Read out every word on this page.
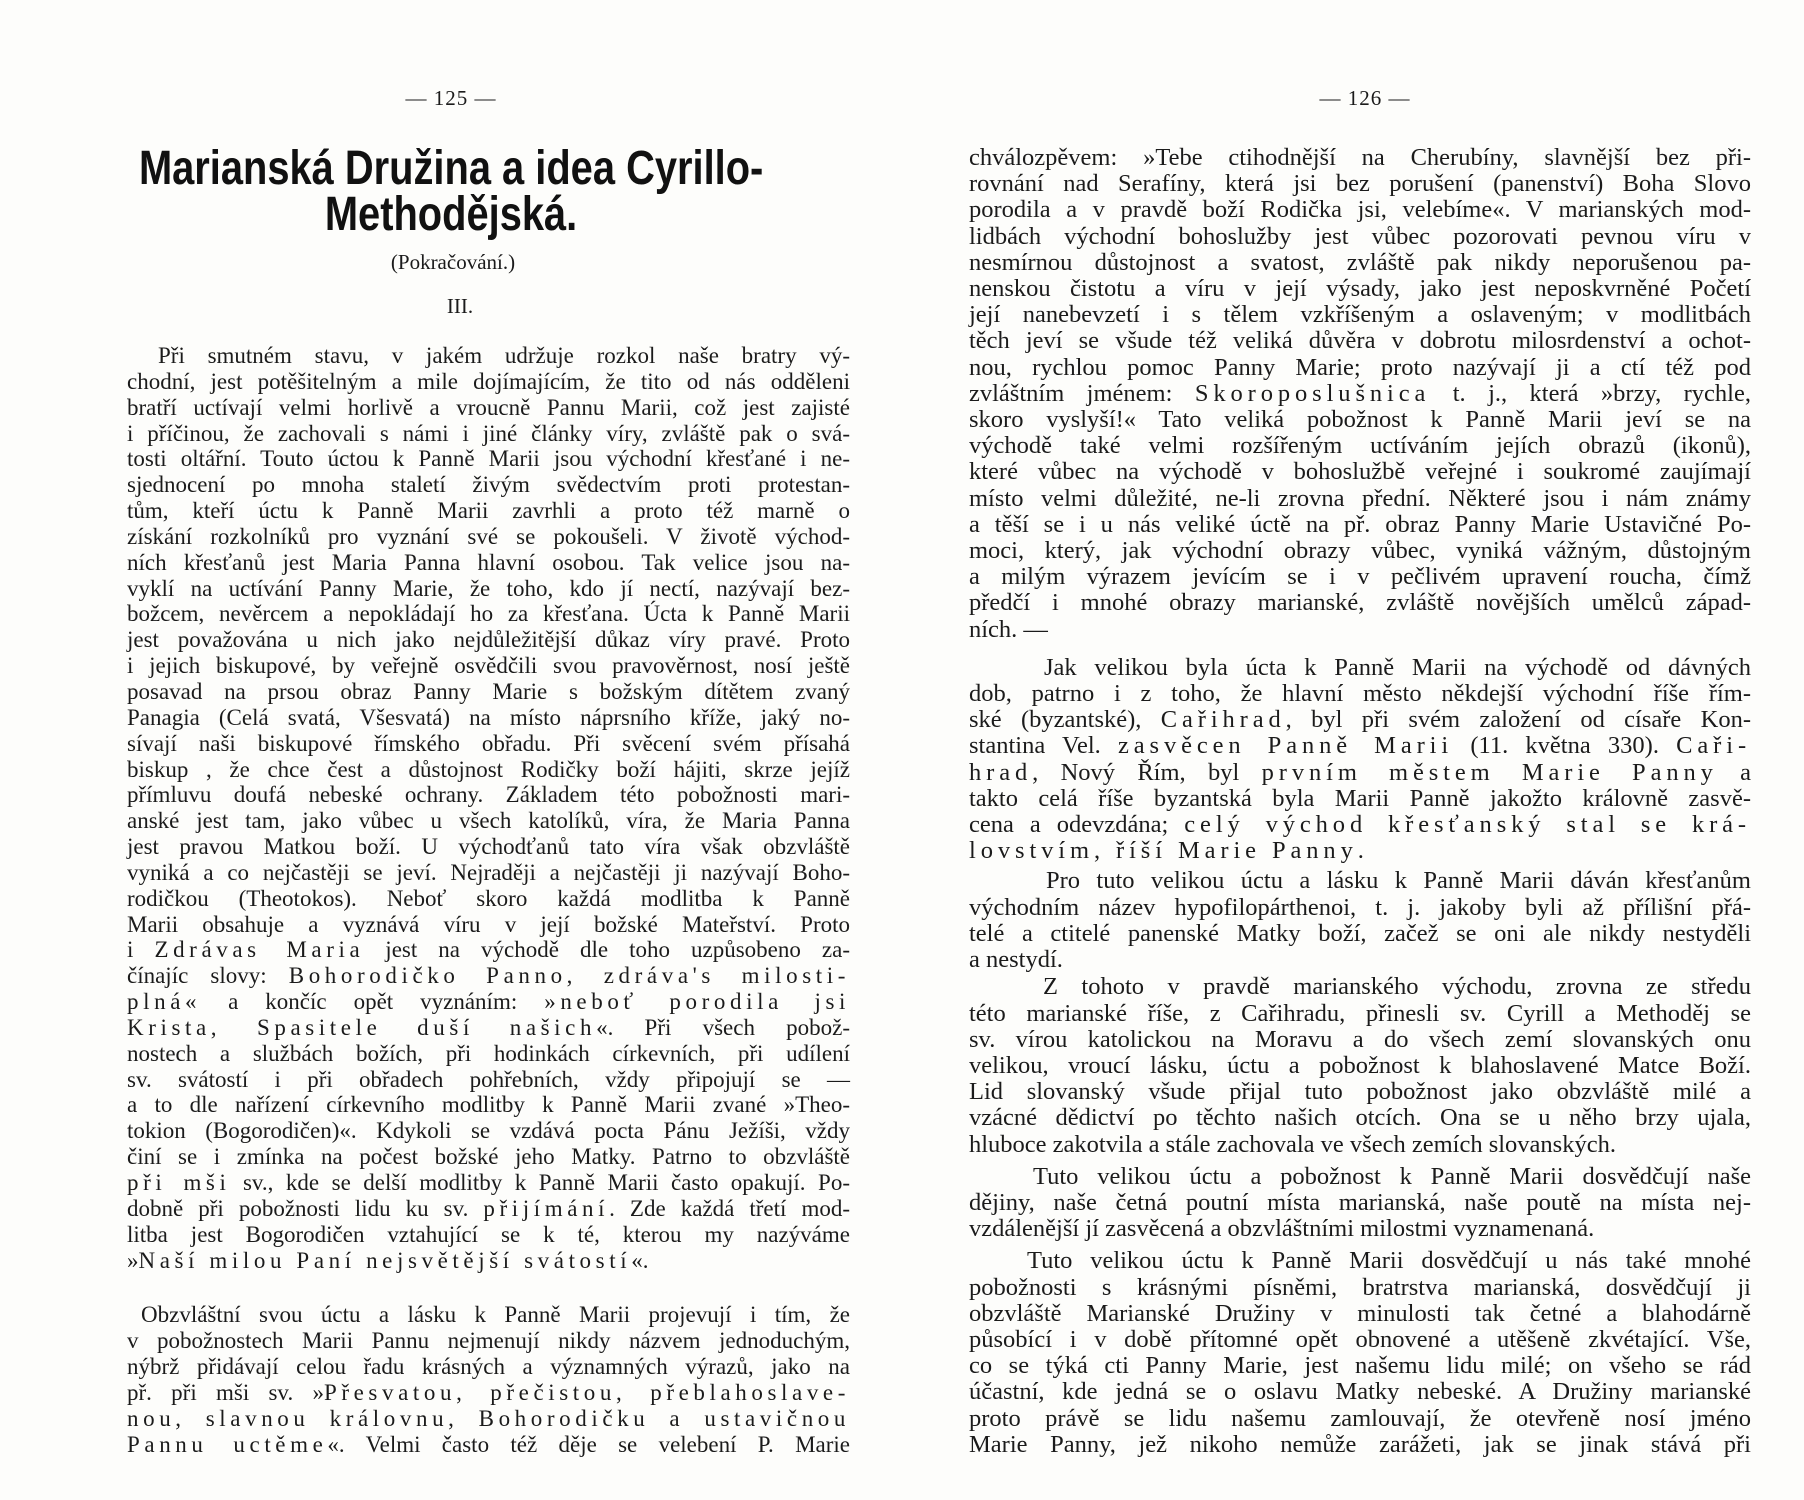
— 125 —
Marianská Družina a idea Cyrillo-
Methodějská.
(Pokračování.)
III.
Při smutném stavu, v jakém udržuje rozkol naše bratry vý-
chodní, jest potěšitelným a mile dojímajícím, že tito od nás odděleni
bratří uctívají velmi horlivě a vroucně Pannu Marii, což jest zajisté
i příčinou, že zachovali s námi i jiné články víry, zvláště pak o svá-
tosti oltářní. Touto úctou k Panně Marii jsou východní křesťané i ne-
sjednocení po mnoha staletí živým svědectvím proti protestan-
tům, kteří úctu k Panně Marii zavrhli a proto též marně o
získání rozkolníků pro vyznání své se pokoušeli. V životě východ-
ních křesťanů jest Maria Panna hlavní osobou. Tak velice jsou na-
vyklí na uctívání Panny Marie, že toho, kdo jí nectí, nazývají bez-
božcem, nevěrcem a nepokládají ho za křesťana. Úcta k Panně Marii
jest považována u nich jako nejdůležitější důkaz víry pravé. Proto
i jejich biskupové, by veřejně osvědčili svou pravověrnost, nosí ještě
posavad na prsou obraz Panny Marie s božským dítětem zvaný
Panagia (Celá svatá, Všesvatá) na místo náprsního kříže, jaký no-
sívají naši biskupové římského obřadu. Při svěcení svém přísahá
biskup , že chce čest a důstojnost Rodičky boží hájiti, skrze jejíž
přímluvu doufá nebeské ochrany. Základem této pobožnosti mari-
anské jest tam, jako vůbec u všech katolíků, víra, že Maria Panna
jest pravou Matkou boží. U východťanů tato víra však obzvláště
vyniká a co nejčastěji se jeví. Nejraději a nejčastěji ji nazývají Boho-
rodičkou (Theotokos). Neboť skoro každá modlitba k Panně
Marii obsahuje a vyznává víru v její božské Mateřství. Proto
i Zdrávas Maria jest na východě dle toho uzpůsobeno za-
čínajíc slovy: Bohorodičko Panno, zdráva's milosti-
plná« a končíc opět vyznáním: »neboť porodila jsi
Krista, Spasitele duší našich«. Při všech pobož-
nostech a službách božích, při hodinkách církevních, při udílení
sv. svátostí i při obřadech pohřebních, vždy připojují se —
a to dle nařízení církevního modlitby k Panně Marii zvané »Theo-
tokion (Bogorodičen)«. Kdykoli se vzdává pocta Pánu Ježíši, vždy
činí se i zmínka na počest božské jeho Matky. Patrno to obzvláště
při mši sv., kde se delší modlitby k Panně Marii často opakují. Po-
dobně při pobožnosti lidu ku sv. přijímání. Zde každá třetí mod-
litba jest Bogorodičen vztahující se k té, kterou my nazýváme
»Naší milou Paní nejsvětější svátostí«.
Obzvláštní svou úctu a lásku k Panně Marii projevují i tím, že
v pobožnostech Marii Pannu nejmenují nikdy názvem jednoduchým,
nýbrž přidávají celou řadu krásných a významných výrazů, jako na
př. při mši sv. »Přesvatou, přečistou, přeblahoslave-
nou, slavnou královnu, Bohorodičku a ustavičnou
Pannu uctěme«. Velmi často též děje se velebení P. Marie
— 126 —
chválozpěvem: »Tebe ctihodnější na Cherubíny, slavnější bez při-
rovnání nad Serafíny, která jsi bez porušení (panenství) Boha Slovo
porodila a v pravdě boží Rodička jsi, velebíme«. V marianských mod-
lidbách východní bohoslužby jest vůbec pozorovati pevnou víru v
nesmírnou důstojnost a svatost, zvláště pak nikdy neporušenou pa-
nenskou čistotu a víru v její výsady, jako jest neposkvrněné Početí
její nanebevzetí i s tělem vzkříšeným a oslaveným; v modlitbách
těch jeví se všude též veliká důvěra v dobrotu milosrdenství a ochot-
nou, rychlou pomoc Panny Marie; proto nazývají ji a ctí též pod
zvláštním jménem: Skoroposlušnica t. j., která »brzy, rychle,
skoro vyslyší!« Tato veliká pobožnost k Panně Marii jeví se na
východě také velmi rozšířeným uctíváním jejích obrazů (ikonů),
které vůbec na východě v bohoslužbě veřejné i soukromé zaujímají
místo velmi důležité, ne-li zrovna přední. Některé jsou i nám známy
a těší se i u nás veliké úctě na př. obraz Panny Marie Ustavičné Po-
moci, který, jak východní obrazy vůbec, vyniká vážným, důstojným
a milým výrazem jevícím se i v pečlivém upravení roucha, čímž
předčí i mnohé obrazy marianské, zvláště novějších umělců západ-
ních. —
Jak velikou byla úcta k Panně Marii na východě od dávných
dob, patrno i z toho, že hlavní město někdejší východní říše řím-
ské (byzantské), Cařihrad, byl při svém založení od císaře Kon-
stantina Vel. zasvěcen Panně Marii (11. května 330). Caři-
hrad, Nový Řím, byl prvním městem Marie Panny a
takto celá říše byzantská byla Marii Panně jakožto královně zasvě-
cena a odevzdána; celý východ křesťanský stal se krá-
lovstvím, říší Marie Panny.
Pro tuto velikou úctu a lásku k Panně Marii dáván křesťanům
východním název hypofilopárthenoi, t. j. jakoby byli až přílišní přá-
telé a ctitelé panenské Matky boží, začež se oni ale nikdy nestyděli
a nestydí.
Z tohoto v pravdě marianského východu, zrovna ze středu
této marianské říše, z Cařihradu, přinesli sv. Cyrill a Methoděj se
sv. vírou katolickou na Moravu a do všech zemí slovanských onu
velikou, vroucí lásku, úctu a pobožnost k blahoslavené Matce Boží.
Lid slovanský všude přijal tuto pobožnost jako obzvláště milé a
vzácné dědictví po těchto našich otcích. Ona se u něho brzy ujala,
hluboce zakotvila a stále zachovala ve všech zemích slovanských.
Tuto velikou úctu a pobožnost k Panně Marii dosvědčují naše
dějiny, naše četná poutní místa marianská, naše poutě na místa nej-
vzdálenější jí zasvěcená a obzvláštními milostmi vyznamenaná.
Tuto velikou úctu k Panně Marii dosvědčují u nás také mnohé
pobožnosti s krásnými písněmi, bratrstva marianská, dosvědčují ji
obzvláště Marianské Družiny v minulosti tak četné a blahodárně
působící i v době přítomné opět obnovené a utěšeně zkvétající. Vše,
co se týká cti Panny Marie, jest našemu lidu milé; on všeho se rád
účastní, kde jedná se o oslavu Matky nebeské. A Družiny marianské
proto právě se lidu našemu zamlouvají, že otevřeně nosí jméno
Marie Panny, jež nikoho nemůže zarážeti, jak se jinak stává při
